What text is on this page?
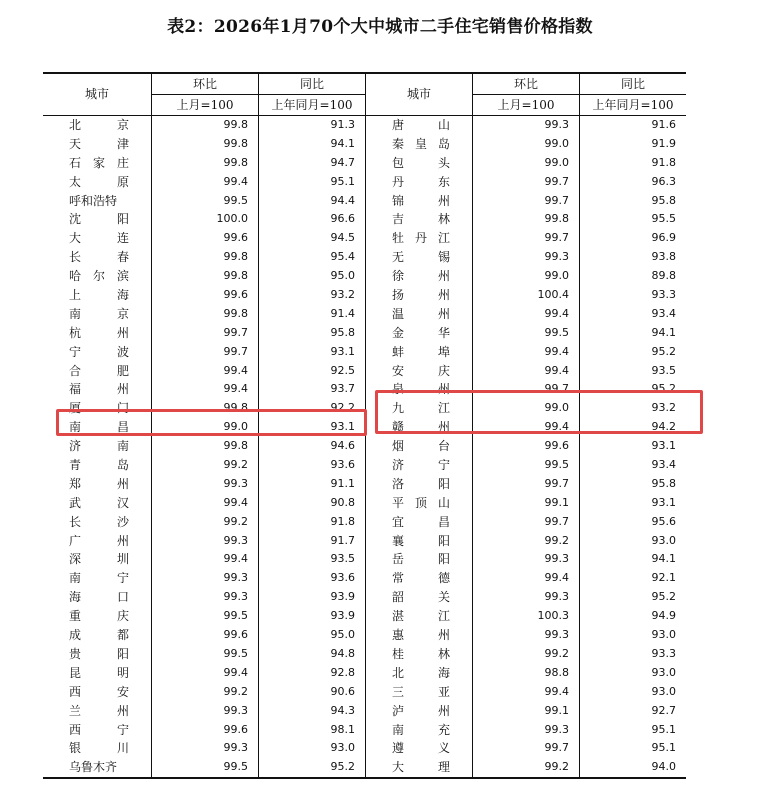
表2：2026年1月70个大中城市二手住宅销售价格指数
环比	同比	环比	同比
上月=100	上年同月=100	上月=100	上年同月=100
城市	城市
北京	99.8	91.3	唐山	99.3	91.6
天津	99.8	94.1	秦皇岛	99.0	91.9
石家庄	99.8	94.7	包头	99.0	91.8
太原	99.4	95.1	丹东	99.7	96.3
呼和浩特	99.5	94.4	锦州	99.7	95.8
沈阳	100.0	96.6	吉林	99.8	95.5
大连	99.6	94.5	牡丹江	99.7	96.9
长春	99.8	95.4	无锡	99.3	93.8
哈尔滨	99.8	95.0	徐州	99.0	89.8
上海	99.6	93.2	扬州	100.4	93.3
南京	99.8	91.4	温州	99.4	93.4
杭州	99.7	95.8	金华	99.5	94.1
宁波	99.7	93.1	蚌埠	99.4	95.2
合肥	99.4	92.5	安庆	99.4	93.5
福州	99.4	93.7	泉州	99.7	95.2
厦门	99.8	92.2	九江	99.0	93.2
南昌	99.0	93.1	赣州	99.4	94.2
济南	99.8	94.6	烟台	99.6	93.1
青岛	99.2	93.6	济宁	99.5	93.4
郑州	99.3	91.1	洛阳	99.7	95.8
武汉	99.4	90.8	平顶山	99.1	93.1
长沙	99.2	91.8	宜昌	99.7	95.6
广州	99.3	91.7	襄阳	99.2	93.0
深圳	99.4	93.5	岳阳	99.3	94.1
南宁	99.3	93.6	常德	99.4	92.1
海口	99.3	93.9	韶关	99.3	95.2
重庆	99.5	93.9	湛江	100.3	94.9
成都	99.6	95.0	惠州	99.3	93.0
贵阳	99.5	94.8	桂林	99.2	93.3
昆明	99.4	92.8	北海	98.8	93.0
西安	99.2	90.6	三亚	99.4	93.0
兰州	99.3	94.3	泸州	99.1	92.7
西宁	99.6	98.1	南充	99.3	95.1
银川	99.3	93.0	遵义	99.7	95.1
乌鲁木齐	99.5	95.2	大理	99.2	94.0
